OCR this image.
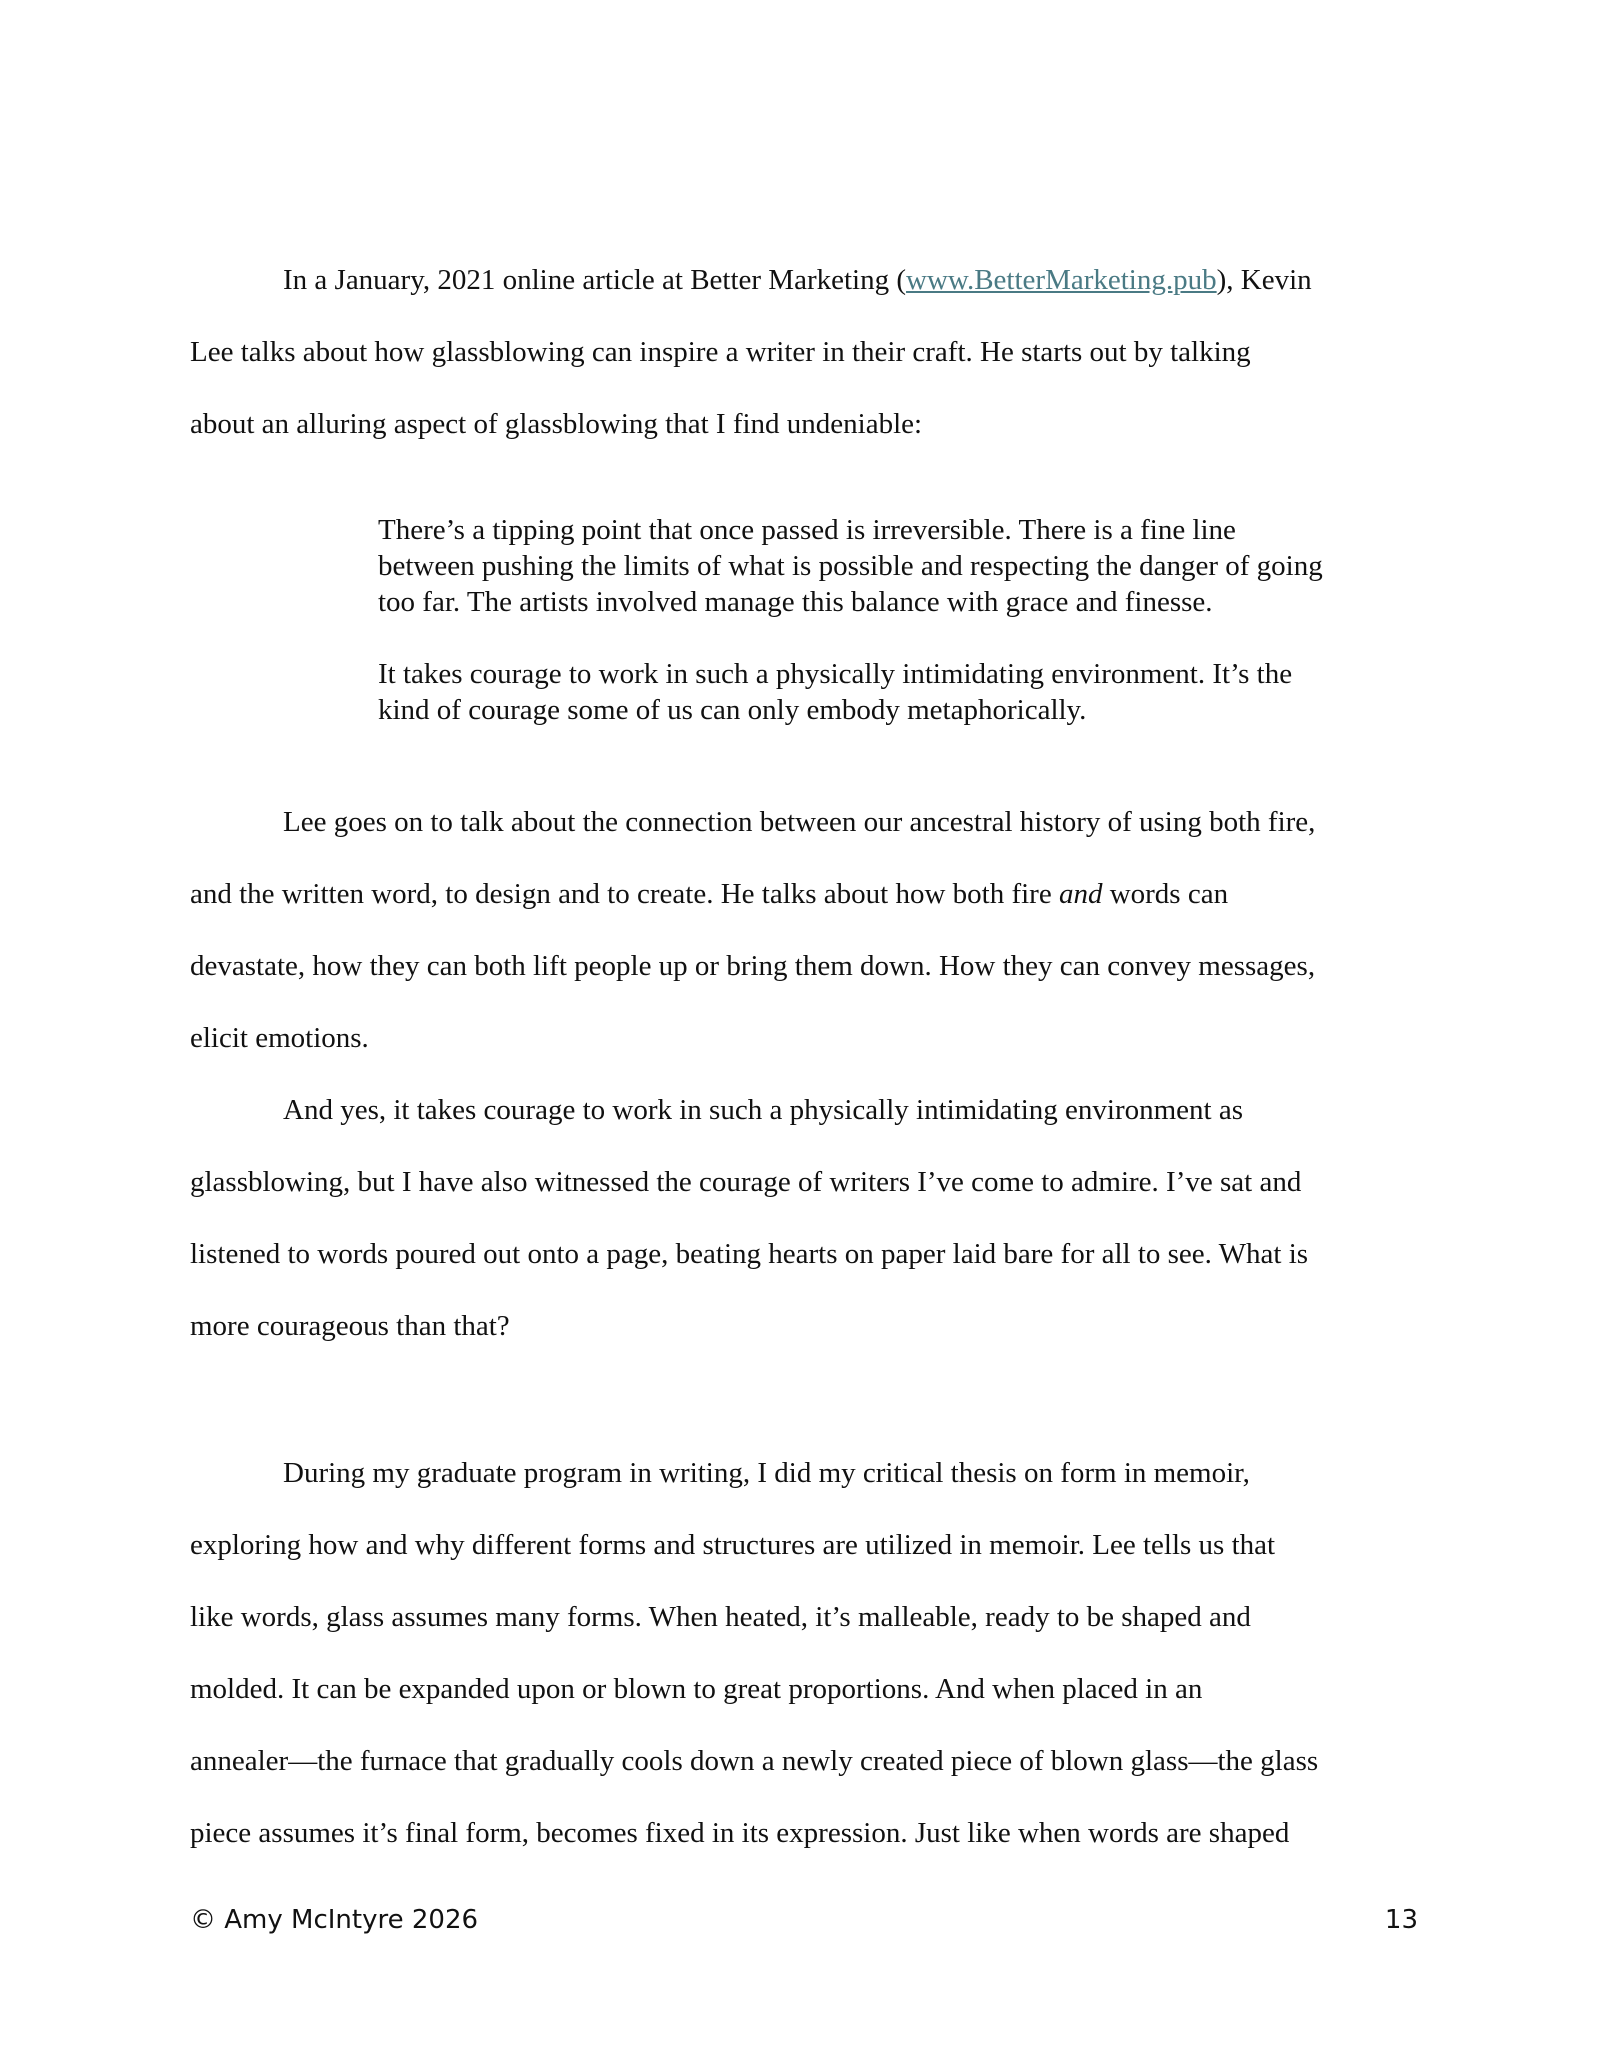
In a January, 2021 online article at Better Marketing (www.BetterMarketing.pub), Kevin
Lee talks about how glassblowing can inspire a writer in their craft. He starts out by talking
about an alluring aspect of glassblowing that I find undeniable:

There’s a tipping point that once passed is irreversible. There is a fine line
between pushing the limits of what is possible and respecting the danger of going
too far. The artists involved manage this balance with grace and finesse.
It takes courage to work in such a physically intimidating environment. It’s the
kind of courage some of us can only embody metaphorically.

Lee goes on to talk about the connection between our ancestral history of using both fire,
and the written word, to design and to create. He talks about how both fire and words can
devastate, how they can both lift people up or bring them down. How they can convey messages,
elicit emotions.

And yes, it takes courage to work in such a physically intimidating environment as
glassblowing, but I have also witnessed the courage of writers I’ve come to admire. I’ve sat and
listened to words poured out onto a page, beating hearts on paper laid bare for all to see. What is
more courageous than that?

During my graduate program in writing, I did my critical thesis on form in memoir,
exploring how and why different forms and structures are utilized in memoir. Lee tells us that
like words, glass assumes many forms. When heated, it’s malleable, ready to be shaped and
molded. It can be expanded upon or blown to great proportions. And when placed in an
annealer—the furnace that gradually cools down a newly created piece of blown glass—the glass
piece assumes it’s final form, becomes fixed in its expression. Just like when words are shaped

© Amy McIntyre 2026	13
